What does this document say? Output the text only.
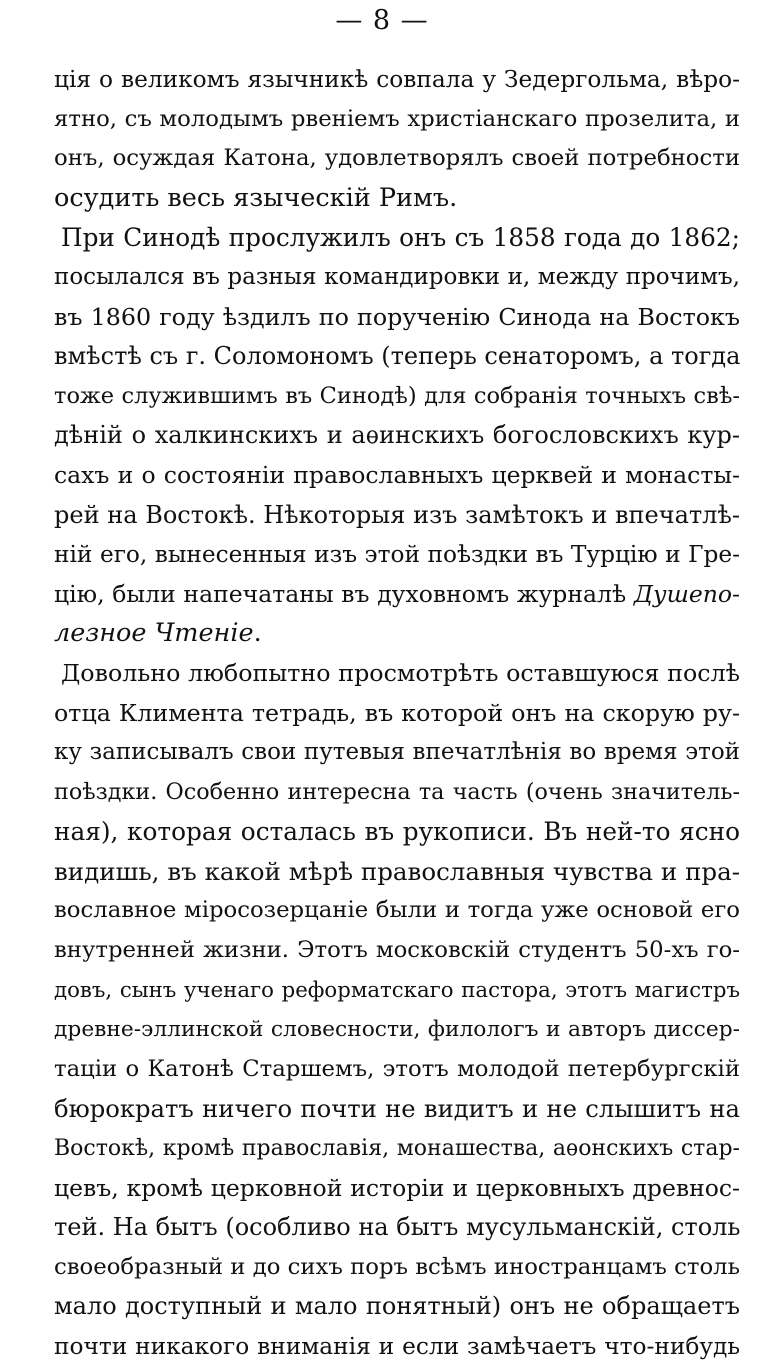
— 8 —
ція о великомъ язычникѣ совпала у Зедергольма, вѣро-
ятно, съ молодымъ рвеніемъ христіанскаго прозелита, и
онъ, осуждая Катона, удовлетворялъ своей потребности
осудить весь языческій Римъ.
При Синодѣ прослужилъ онъ съ 1858 года до 1862;
посылался въ разныя командировки и, между прочимъ,
въ 1860 году ѣздилъ по порученію Синода на Востокъ
вмѣстѣ съ г. Соломономъ (теперь сенаторомъ, а тогда
тоже служившимъ въ Синодѣ) для собранія точныхъ свѣ-
дѣній о халкинскихъ и аѳинскихъ богословскихъ кур-
сахъ и о состояніи православныхъ церквей и монасты-
рей на Востокѣ. Нѣкоторыя изъ замѣтокъ и впечатлѣ-
ній его, вынесенныя изъ этой поѣздки въ Турцію и Гре-
цію, были напечатаны въ духовномъ журналѣ Душепо-
лезное Чтеніе.
Довольно любопытно просмотрѣть оставшуюся послѣ
отца Климента тетрадь, въ которой онъ на скорую ру-
ку записывалъ свои путевыя впечатлѣнія во время этой
поѣздки. Особенно интересна та часть (очень значитель-
ная), которая осталась въ рукописи. Въ ней-то ясно
видишь, въ какой мѣрѣ православныя чувства и пра-
вославное міросозерцаніе были и тогда уже основой его
внутренней жизни. Этотъ московскій студентъ 50-хъ го-
довъ, сынъ ученаго реформатскаго пастора, этотъ магистръ
древне-эллинской словесности, филологъ и авторъ диссер-
таціи о Катонѣ Старшемъ, этотъ молодой петербургскій
бюрократъ ничего почти не видитъ и не слышитъ на
Востокѣ, кромѣ православія, монашества, аѳонскихъ стар-
цевъ, кромѣ церковной исторіи и церковныхъ древнос-
тей. На бытъ (особливо на бытъ мусульманскій, столь
своеобразный и до сихъ поръ всѣмъ иностранцамъ столь
мало доступный и мало понятный) онъ не обращаетъ
почти никакого вниманія и если замѣчаетъ что-нибудь
